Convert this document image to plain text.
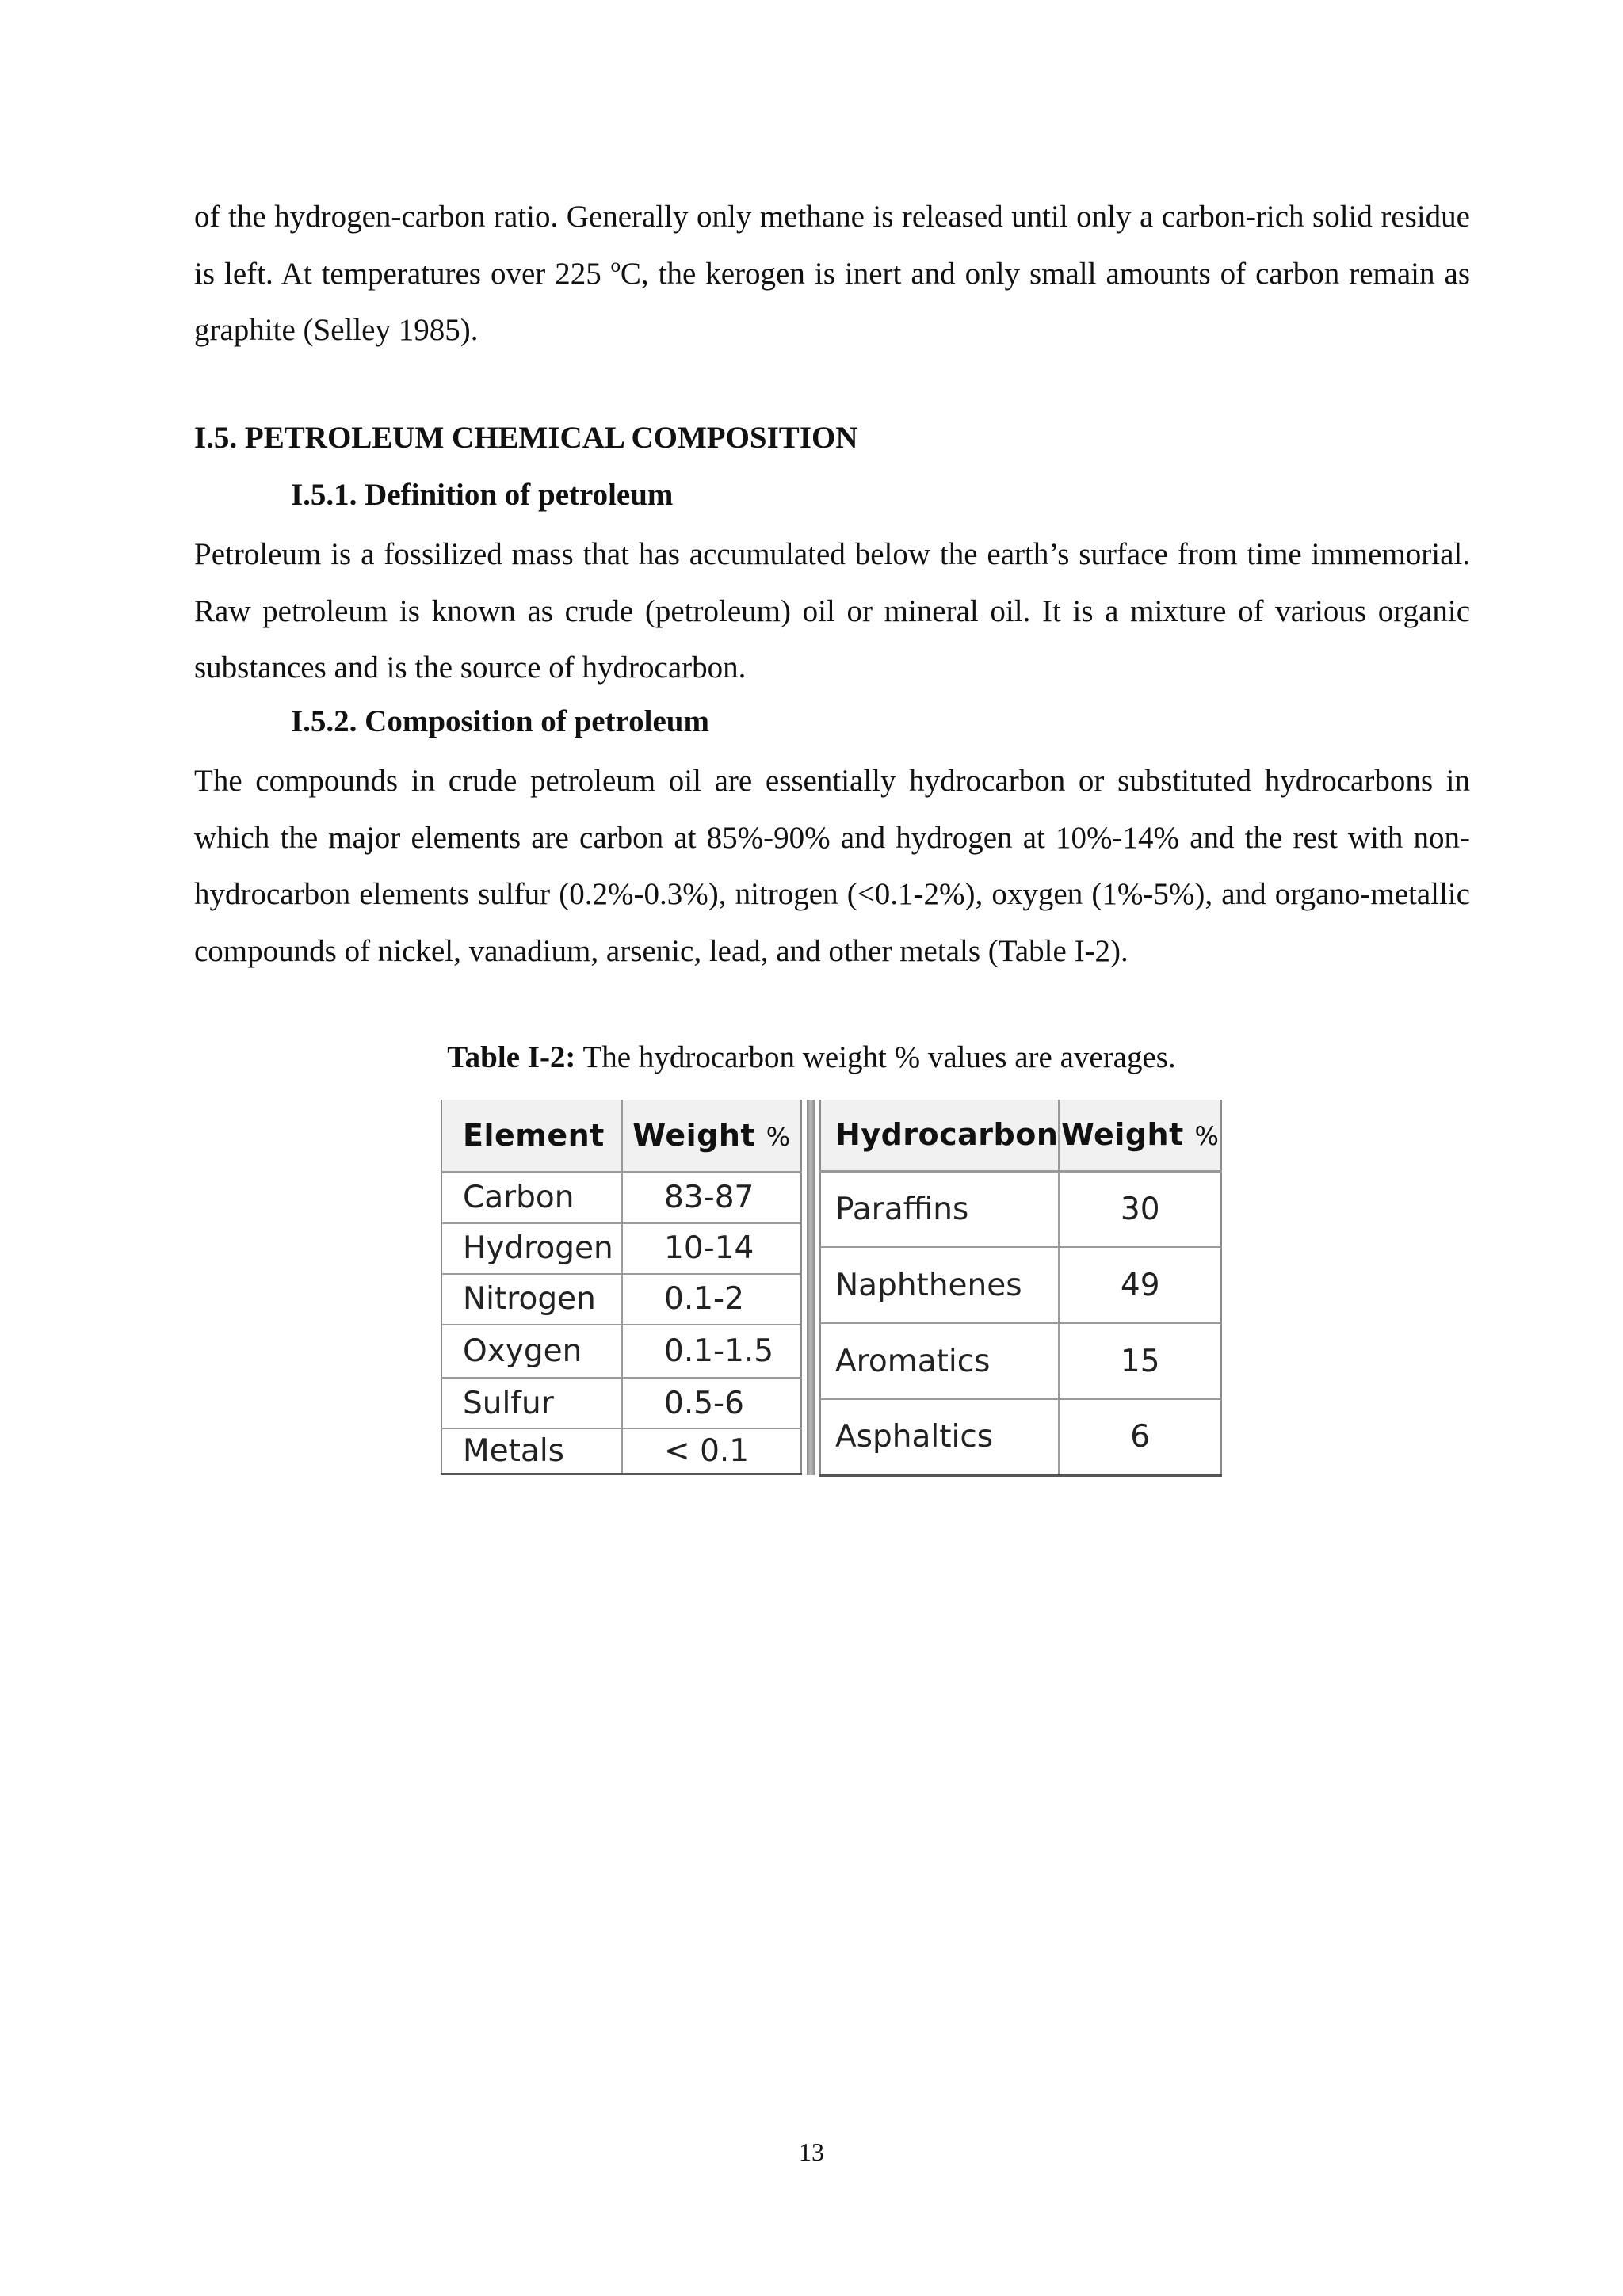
of the hydrogen-carbon ratio. Generally only methane is released until only a carbon-rich solid residue is left. At temperatures over 225 ºC, the kerogen is inert and only small amounts of carbon remain as graphite (Selley 1985).

I.5. PETROLEUM CHEMICAL COMPOSITION
I.5.1. Definition of petroleum

Petroleum is a fossilized mass that has accumulated below the earth’s surface from time immemorial. Raw petroleum is known as crude (petroleum) oil or mineral oil. It is a mixture of various organic substances and is the source of hydrocarbon.

I.5.2. Composition of petroleum

The compounds in crude petroleum oil are essentially hydrocarbon or substituted hydrocarbons in which the major elements are carbon at 85%-90% and hydrogen at 10%-14% and the rest with non-hydrocarbon elements sulfur (0.2%-0.3%), nitrogen (<0.1-2%), oxygen (1%-5%), and organo-metallic compounds of nickel, vanadium, arsenic, lead, and other metals (Table I-2).

Table I-2: The hydrocarbon weight % values are averages.

Element	Weight %
Carbon	83-87
Hydrogen	10-14
Nitrogen	0.1-2
Oxygen	0.1-1.5
Sulfur	0.5-6
Metals	< 0.1
Hydrocarbon	Weight %
Paraffins	30
Naphthenes	49
Aromatics	15
Asphaltics	6

13
